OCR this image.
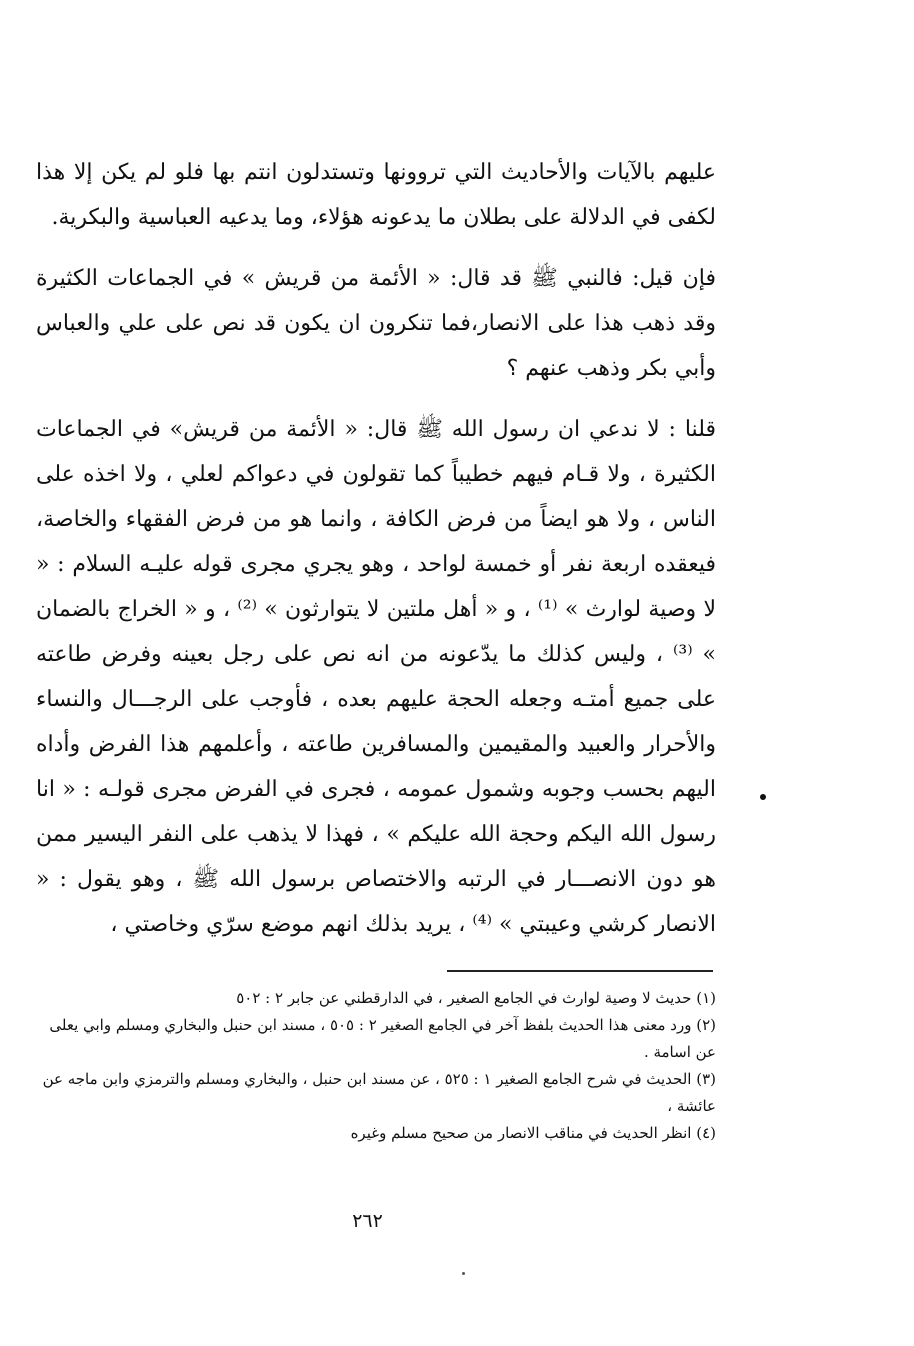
عليهم بالآيات والأحاديث التي تروونها وتستدلون انتم بها فلو لم يكن إلا هذا لكفى في الدلالة على بطلان ما يدعونه هؤلاء، وما يدعيه العباسية والبكرية.

فإن قيل: فالنبي ﷺ قد قال: « الأئمة من قريش » في الجماعات الكثيرة وقد ذهب هذا على الانصار،فما تنكرون ان يكون قد نص على علي والعباس وأبي بكر وذهب عنهم ؟

قلنا : لا ندعي ان رسول الله ﷺ قال: « الأئمة من قريش» في الجماعات الكثيرة ، ولا قـام فيهم خطيباً كما تقولون في دعواكم لعلي ، ولا اخذه على الناس ، ولا هو ايضاً من فرض الكافة ، وانما هو من فرض الفقهاء والخاصة، فيعقده اربعة نفر أو خمسة لواحد ، وهو يجري مجرى قوله عليـه السلام : « لا وصية لوارث » ⁽¹⁾ ، و « أهل ملتين لا يتوارثون » ⁽²⁾ ، و « الخراج بالضمان » ⁽³⁾ ، وليس كذلك ما يدّعونه من انه نص على رجل بعينه وفرض طاعته على جميع أمتـه وجعله الحجة عليهم بعده ، فأوجب على الرجـــال والنساء والأحرار والعبيد والمقيمين والمسافرين طاعته ، وأعلمهم هذا الفرض وأداه اليهم بحسب وجوبه وشمول عمومه ، فجرى في الفرض مجرى قولـه : « انا رسول الله اليكم وحجة الله عليكم » ، فهذا لا يذهب على النفر اليسير ممن هو دون الانصـــار في الرتبه والاختصاص برسول الله ﷺ ، وهو يقول : « الانصار كرشي وعيبتي » ⁽⁴⁾ ، يريد بذلك انهم موضع سرّي وخاصتي ،

(١) حديث لا وصية لوارث في الجامع الصغير ، في الدارقطني عن جابر ٢ : ٥٠٢

(٢) ورد معنى هذا الحديث بلفظ آخر في الجامع الصغير ٢ : ٥٠٥ ، مسند ابن حنبل والبخاري ومسلم وابي يعلى عن اسامة .

(٣) الحديث في شرح الجامع الصغير ١ : ٥٢٥ ، عن مسند ابن حنبل ، والبخاري ومسلم والترمزي وابن ماجه عن عائشة ،

(٤) انظر الحديث في مناقب الانصار من صحيح مسلم وغيره

٢٦٢
